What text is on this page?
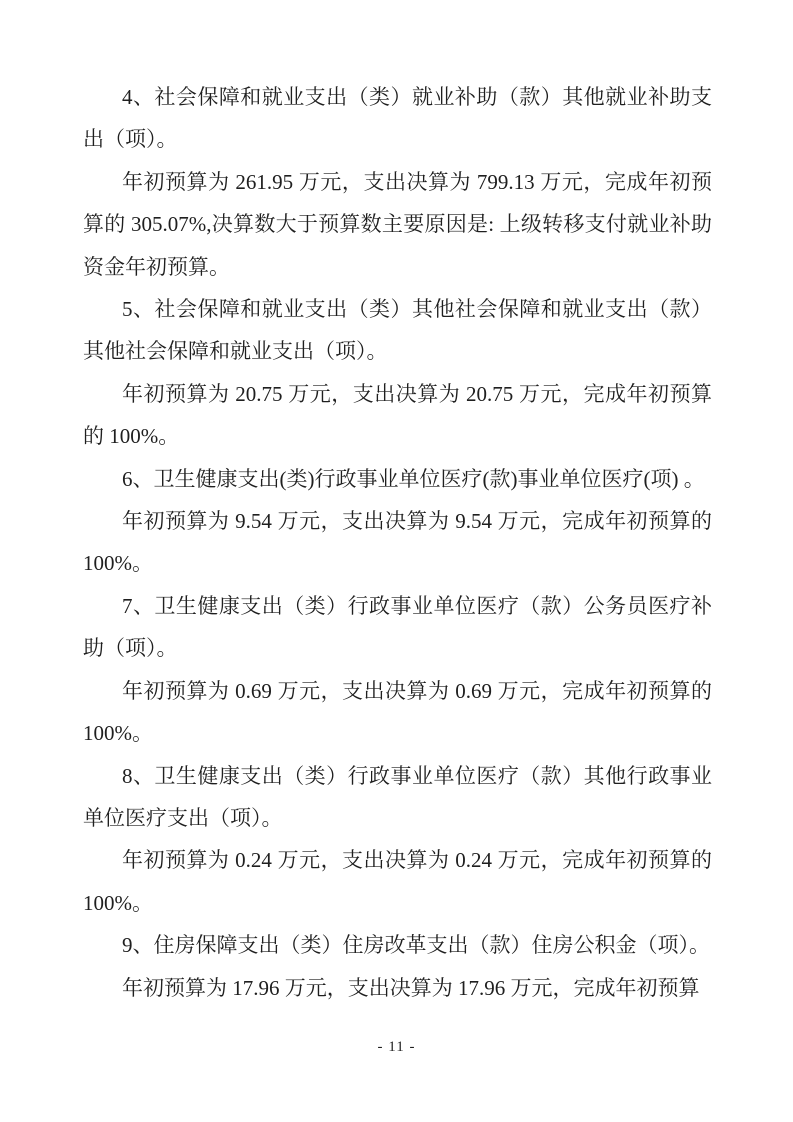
4、社会保障和就业支出（类）就业补助（款）其他就业补助支出（项）。

年初预算为 261.95 万元，支出决算为 799.13 万元，完成年初预算的 305.07%,决算数大于预算数主要原因是: 上级转移支付就业补助资金年初预算。

5、社会保障和就业支出（类）其他社会保障和就业支出（款）其他社会保障和就业支出（项）。

年初预算为 20.75 万元，支出决算为 20.75 万元，完成年初预算的 100%。

6、卫生健康支出(类)行政事业单位医疗(款)事业单位医疗(项) 。

年初预算为 9.54 万元，支出决算为 9.54 万元，完成年初预算的 100%。

7、卫生健康支出（类）行政事业单位医疗（款）公务员医疗补助（项）。

年初预算为 0.69 万元，支出决算为 0.69 万元，完成年初预算的 100%。

8、卫生健康支出（类）行政事业单位医疗（款）其他行政事业单位医疗支出（项）。

年初预算为 0.24 万元，支出决算为 0.24 万元，完成年初预算的 100%。

9、住房保障支出（类）住房改革支出（款）住房公积金（项）。

年初预算为 17.96 万元，支出决算为 17.96 万元，完成年初预算

- 11 -
